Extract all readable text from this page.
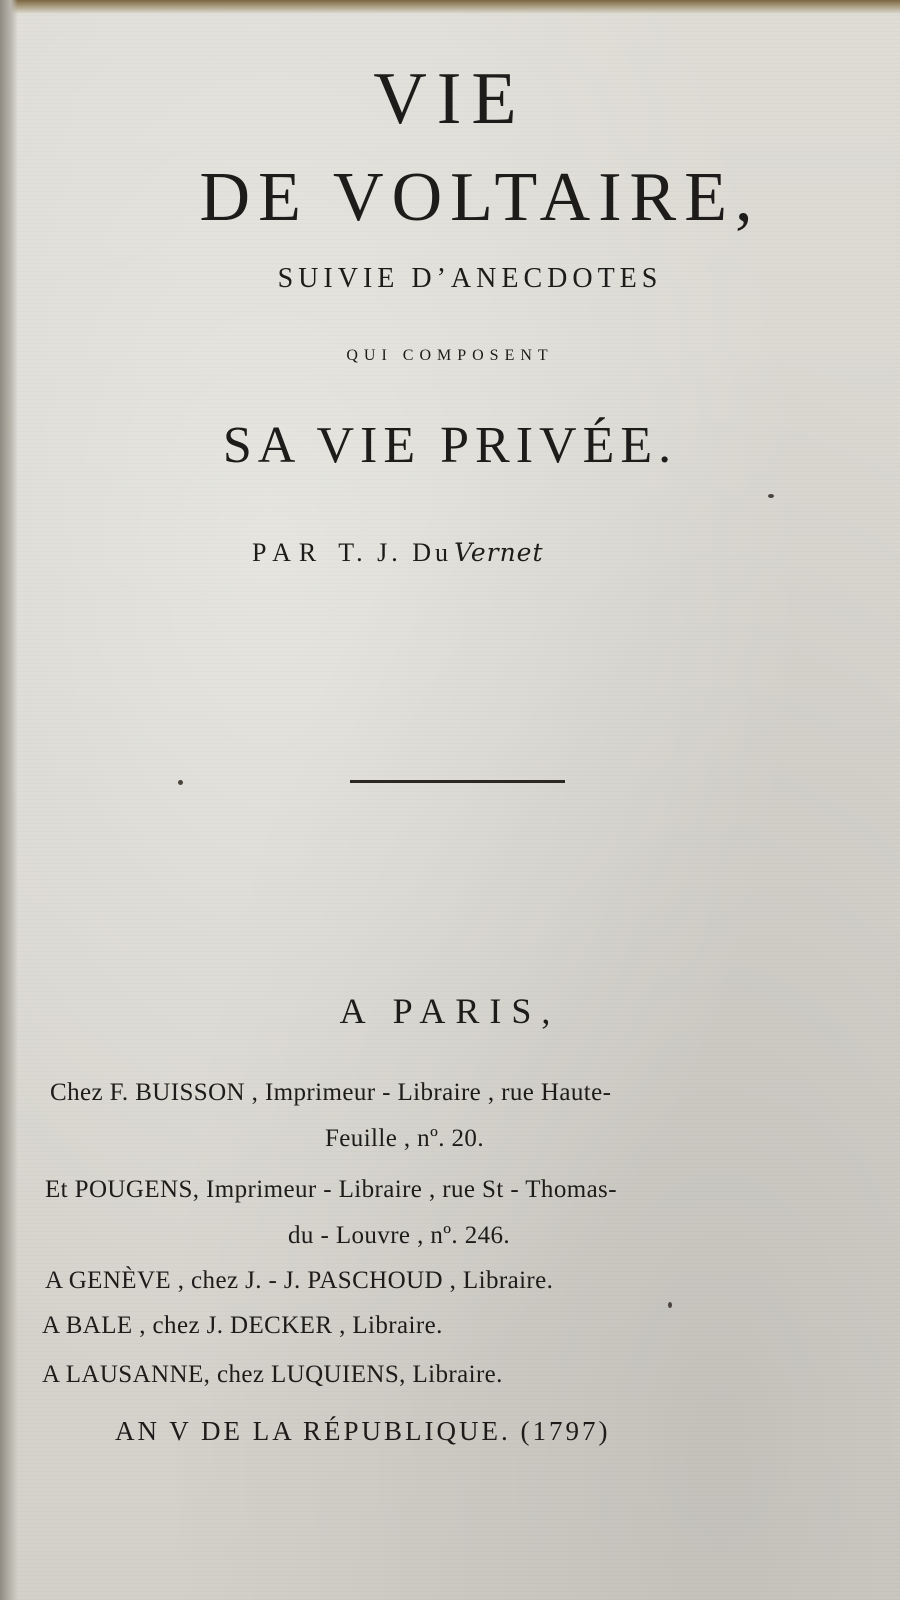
VIE
DE VOLTAIRE,
SUIVIE D’ANECDOTES
QUI COMPOSENT
SA VIE PRIVÉE.
PAR T. J. DuVernet
A PARIS,
Chez F. BUISSON , Imprimeur - Libraire , rue Haute-
Feuille , nº. 20.
Et POUGENS, Imprimeur - Libraire , rue St - Thomas-
du - Louvre , nº. 246.
A GENÈVE , chez J. - J. PASCHOUD , Libraire.
A BALE , chez J. DECKER , Libraire.
A LAUSANNE, chez LUQUIENS, Libraire.
AN V DE LA RÉPUBLIQUE. (1797)
